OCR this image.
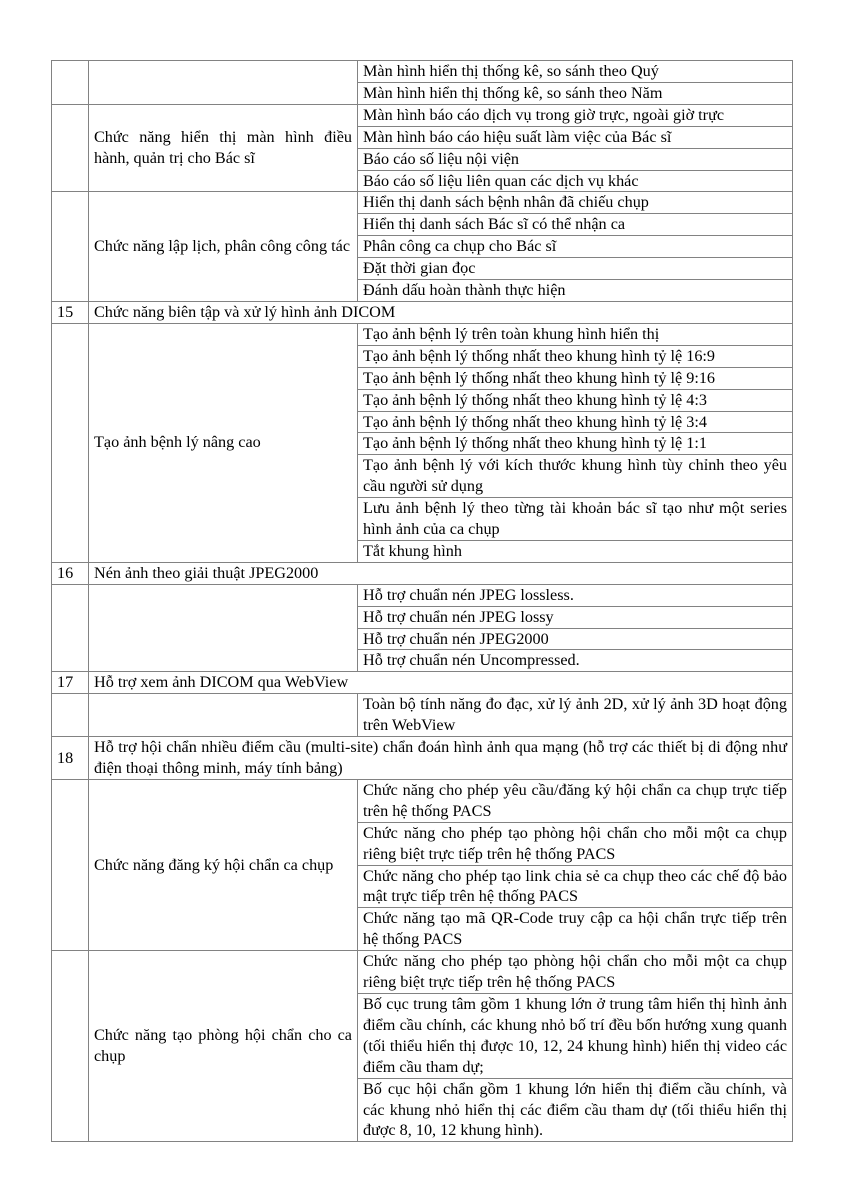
		Màn hình hiển thị thống kê, so sánh theo Quý
		Màn hình hiển thị thống kê, so sánh theo Năm
	Chức năng hiển thị màn hình điều hành, quản trị cho Bác sĩ	Màn hình báo cáo dịch vụ trong giờ trực, ngoài giờ trực
		Màn hình báo cáo hiệu suất làm việc của Bác sĩ
		Báo cáo số liệu nội viện
		Báo cáo số liệu liên quan các dịch vụ khác
	Chức năng lập lịch, phân công công tác	Hiển thị danh sách bệnh nhân đã chiếu chụp
		Hiển thị danh sách Bác sĩ có thể nhận ca
		Phân công ca chụp cho Bác sĩ
		Đặt thời gian đọc
		Đánh dấu hoàn thành thực hiện
15	Chức năng biên tập và xử lý hình ảnh DICOM	
	Tạo ảnh bệnh lý nâng cao	Tạo ảnh bệnh lý trên toàn khung hình hiển thị
		Tạo ảnh bệnh lý thống nhất theo khung hình tỷ lệ 16:9
		Tạo ảnh bệnh lý thống nhất theo khung hình tỷ lệ 9:16
		Tạo ảnh bệnh lý thống nhất theo khung hình tỷ lệ 4:3
		Tạo ảnh bệnh lý thống nhất theo khung hình tỷ lệ 3:4
		Tạo ảnh bệnh lý thống nhất theo khung hình tỷ lệ 1:1
		Tạo ảnh bệnh lý với kích thước khung hình tùy chỉnh theo yêu cầu người sử dụng
		Lưu ảnh bệnh lý theo từng tài khoản bác sĩ tạo như một series hình ảnh của ca chụp
		Tắt khung hình
16	Nén ảnh theo giải thuật JPEG2000	
		Hỗ trợ chuẩn nén JPEG lossless.
		Hỗ trợ chuẩn nén JPEG lossy
		Hỗ trợ chuẩn nén JPEG2000
		Hỗ trợ chuẩn nén Uncompressed.
17	Hỗ trợ xem ảnh DICOM qua WebView	
		Toàn bộ tính năng đo đạc, xử lý ảnh 2D, xử lý ảnh 3D hoạt động trên WebView
18	Hỗ trợ hội chẩn nhiều điểm cầu (multi-site) chẩn đoán hình ảnh qua mạng (hỗ trợ các thiết bị di động như điện thoại thông minh, máy tính bảng)	
	Chức năng đăng ký hội chẩn ca chụp	Chức năng cho phép yêu cầu/đăng ký hội chẩn ca chụp trực tiếp trên hệ thống PACS
		Chức năng cho phép tạo phòng hội chẩn cho mỗi một ca chụp riêng biệt trực tiếp trên hệ thống PACS
		Chức năng cho phép tạo link chia sẻ ca chụp theo các chế độ bảo mật trực tiếp trên hệ thống PACS
		Chức năng tạo mã QR-Code truy cập ca hội chẩn trực tiếp trên hệ thống PACS
	Chức năng tạo phòng hội chẩn cho ca chụp	Chức năng cho phép tạo phòng hội chẩn cho mỗi một ca chụp riêng biệt trực tiếp trên hệ thống PACS
		Bố cục trung tâm gồm 1 khung lớn ở trung tâm hiển thị hình ảnh điểm cầu chính, các khung nhỏ bố trí đều bốn hướng xung quanh (tối thiểu hiển thị được 10, 12, 24 khung hình) hiển thị video các điểm cầu tham dự;
		Bố cục hội chẩn gồm 1 khung lớn hiển thị điểm cầu chính, và các khung nhỏ hiển thị các điểm cầu tham dự (tối thiểu hiển thị được 8, 10, 12 khung hình).
